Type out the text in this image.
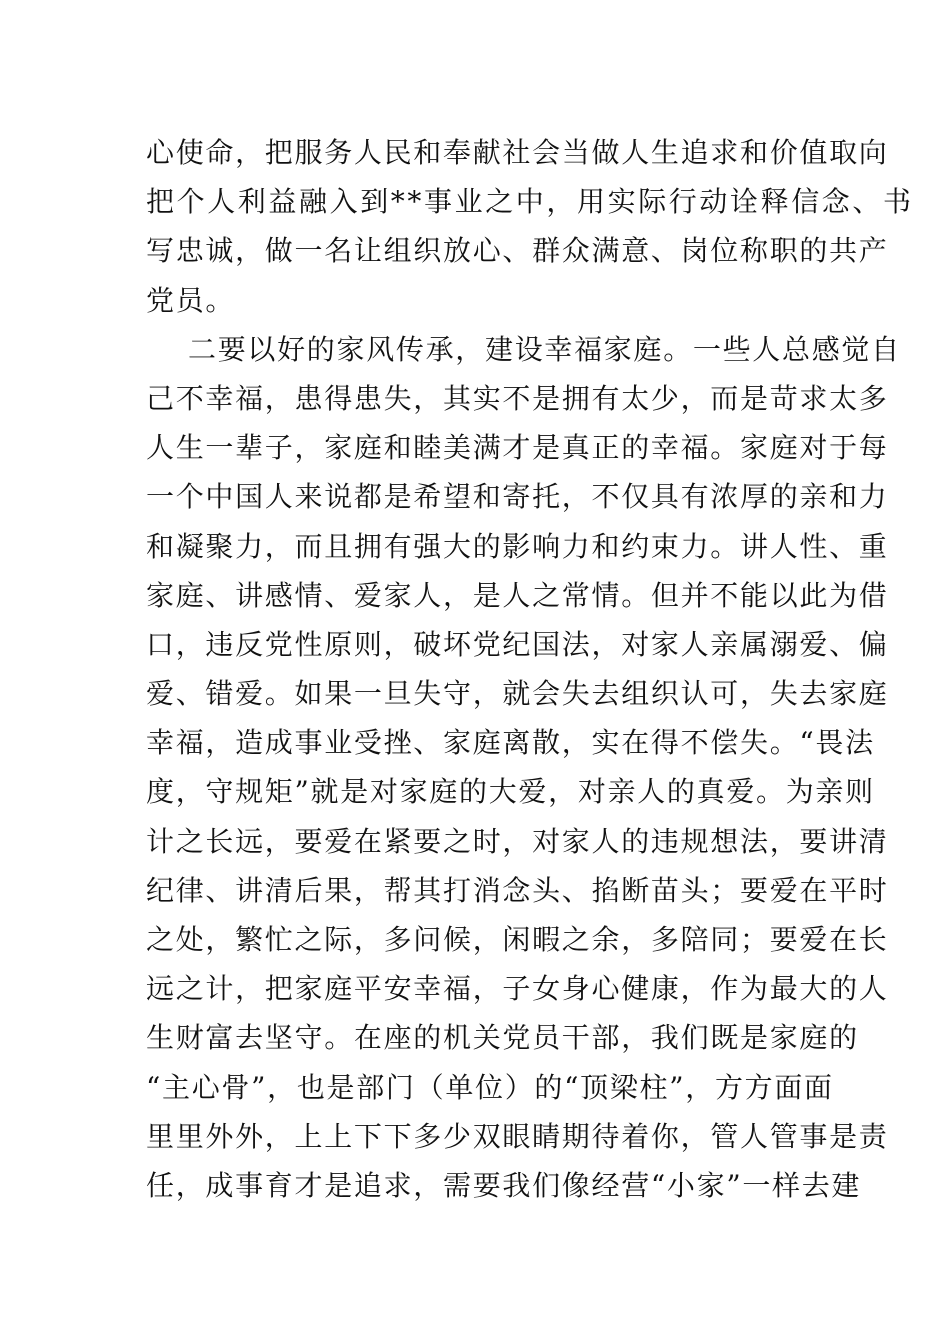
心使命，把服务人民和奉献社会当做人生追求和价值取向
把个人利益融入到**事业之中，用实际行动诠释信念、书
写忠诚，做一名让组织放心、群众满意、岗位称职的共产
党员。
二要以好的家风传承，建设幸福家庭。一些人总感觉自
己不幸福，患得患失，其实不是拥有太少，而是苛求太多
人生一辈子，家庭和睦美满才是真正的幸福。家庭对于每
一个中国人来说都是希望和寄托，不仅具有浓厚的亲和力
和凝聚力，而且拥有强大的影响力和约束力。讲人性、重
家庭、讲感情、爱家人，是人之常情。但并不能以此为借
口，违反党性原则，破坏党纪国法，对家人亲属溺爱、偏
爱、错爱。如果一旦失守，就会失去组织认可，失去家庭
幸福，造成事业受挫、家庭离散，实在得不偿失。“畏法
度，守规矩”就是对家庭的大爱，对亲人的真爱。为亲则
计之长远，要爱在紧要之时，对家人的违规想法，要讲清
纪律、讲清后果，帮其打消念头、掐断苗头；要爱在平时
之处，繁忙之际，多问候，闲暇之余，多陪同；要爱在长
远之计，把家庭平安幸福，子女身心健康，作为最大的人
生财富去坚守。在座的机关党员干部，我们既是家庭的
“主心骨”，也是部门（单位）的“顶梁柱”，方方面面
里里外外，上上下下多少双眼睛期待着你，管人管事是责
任，成事育才是追求，需要我们像经营“小家”一样去建
